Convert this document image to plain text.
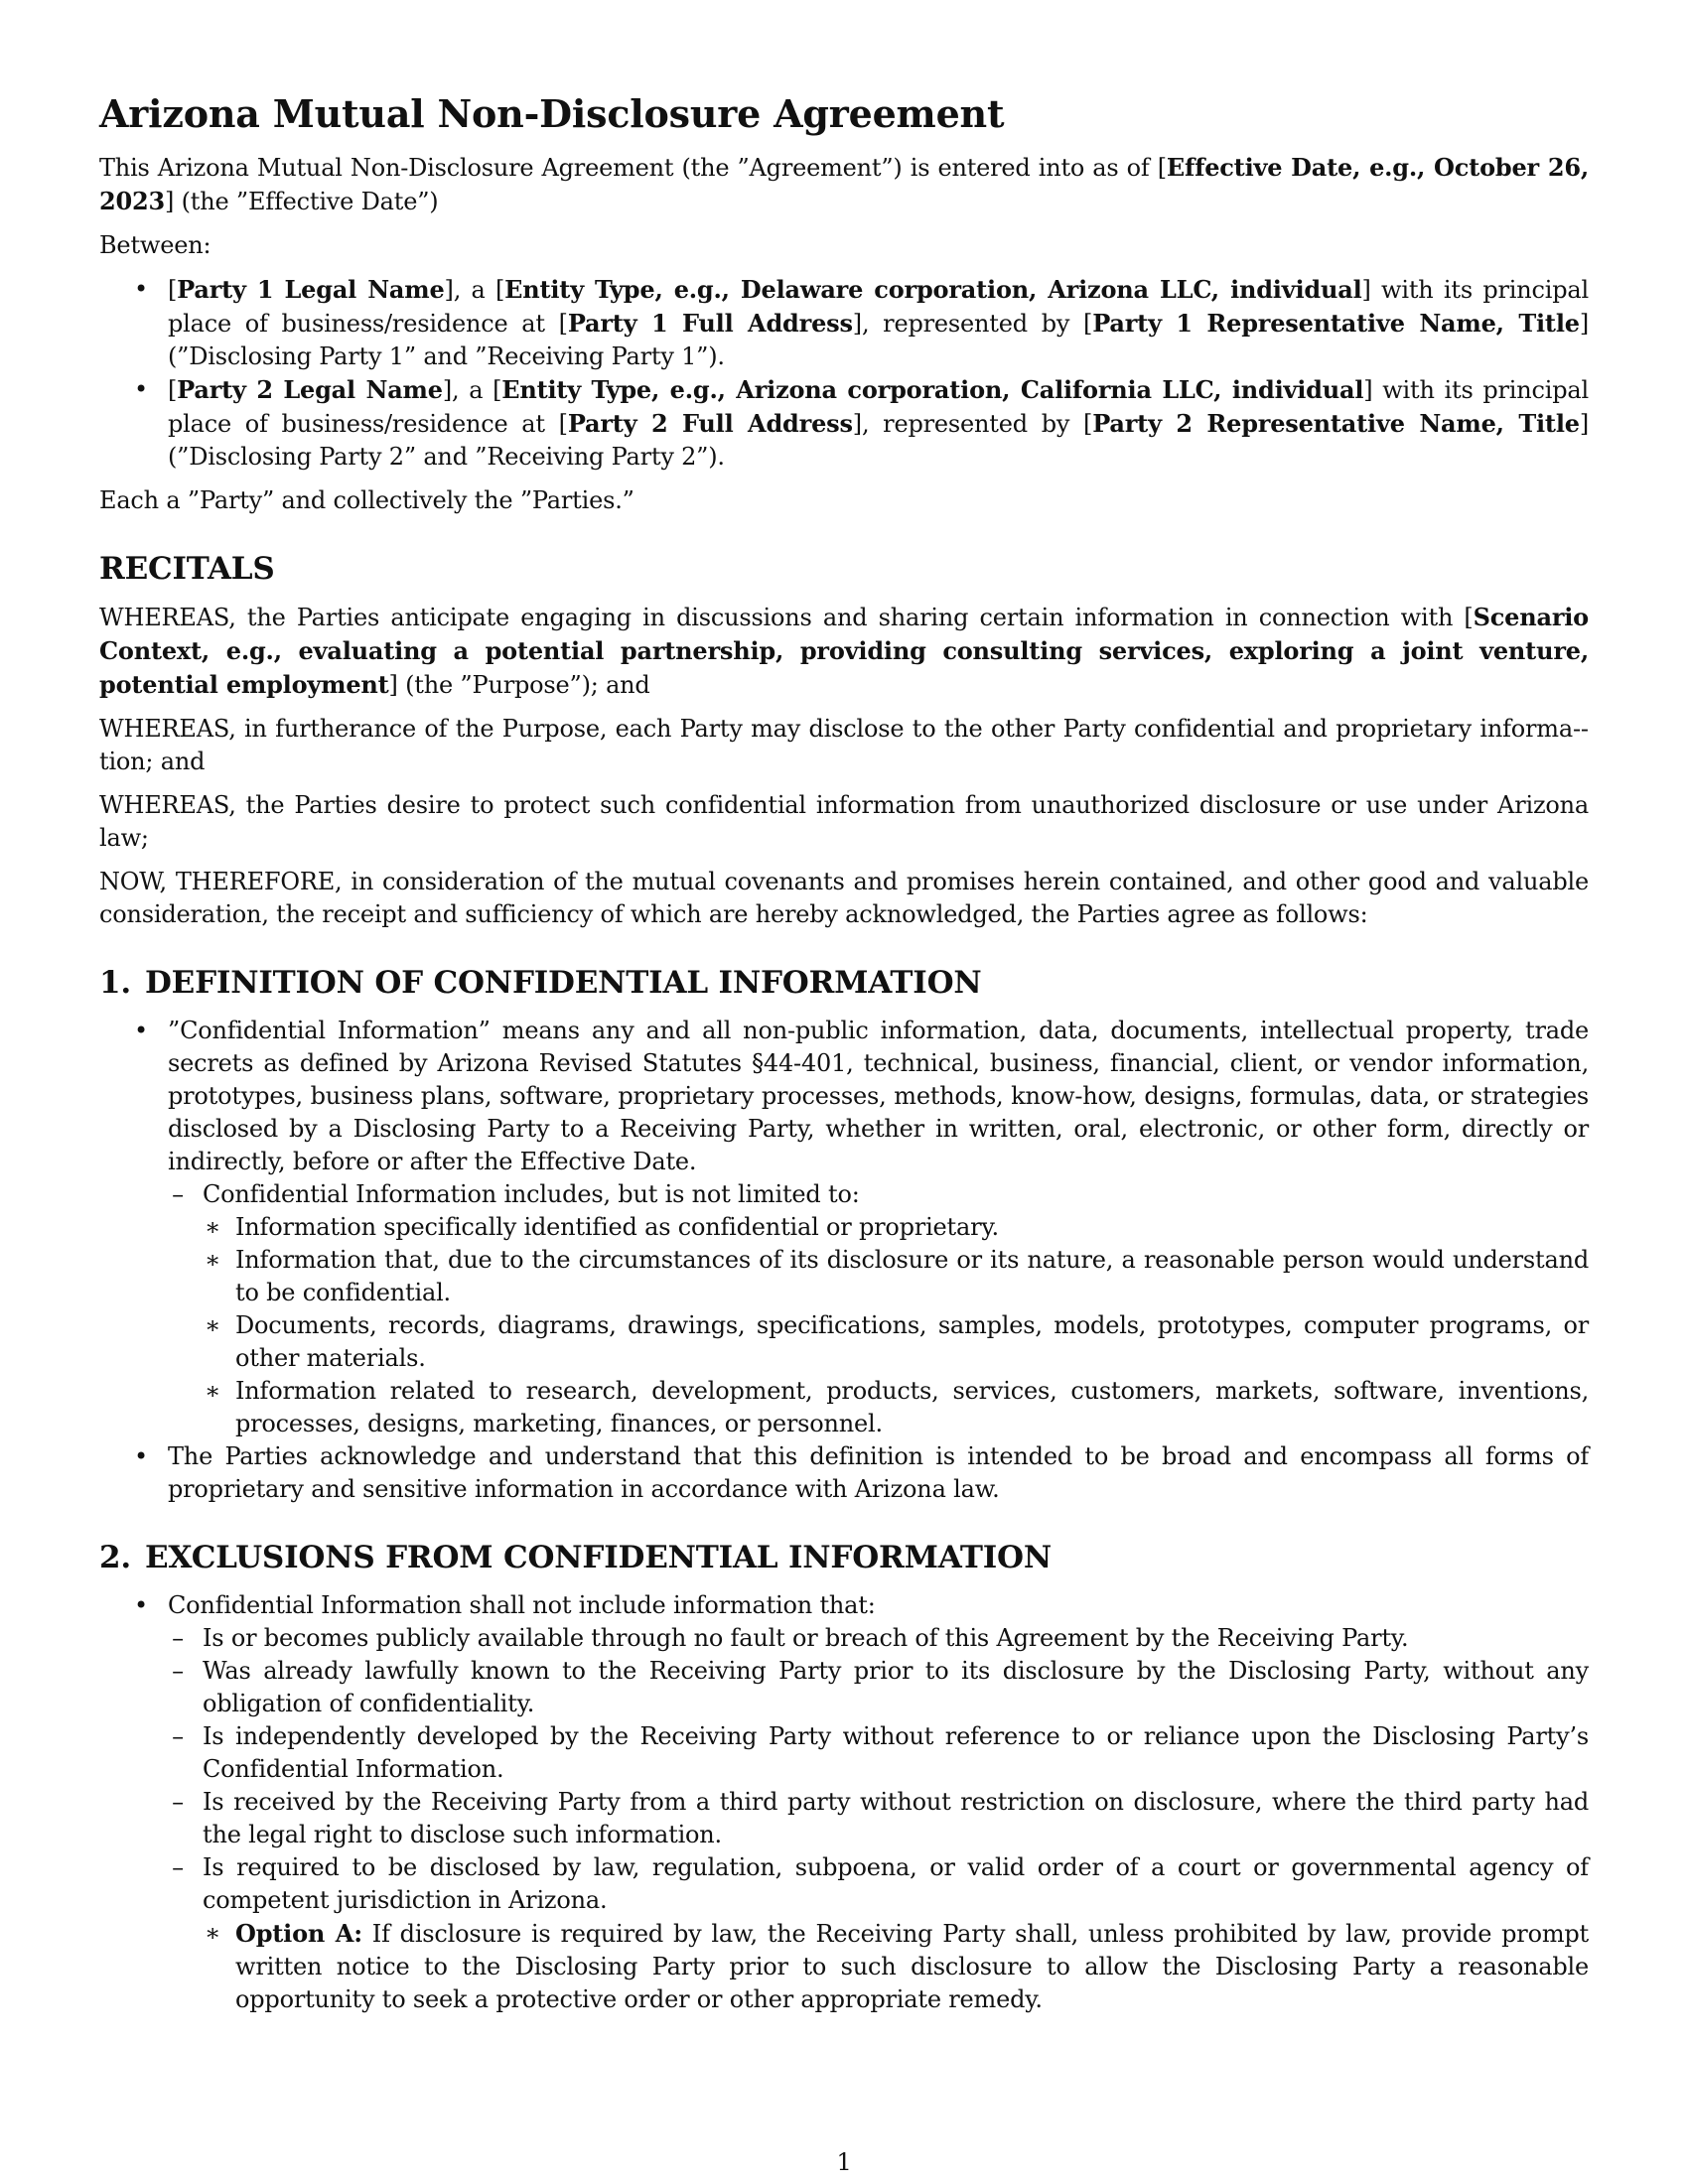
Arizona Mutual Non-Disclosure Agreement

This Arizona Mutual Non-Disclosure Agreement (the ”Agreement”) is entered into as of [Effective Date, e.g., October 26, 2023] (the ”Effective Date”)

Between:

• [Party 1 Legal Name], a [Entity Type, e.g., Delaware corporation, Arizona LLC, individual] with its principal place of business/residence at [Party 1 Full Address], represented by [Party 1 Representative Name, Title] (”Disclosing Party 1” and ”Receiving Party 1”).
• [Party 2 Legal Name], a [Entity Type, e.g., Arizona corporation, California LLC, individual] with its principal place of business/residence at [Party 2 Full Address], represented by [Party 2 Representative Name, Title] (”Disclosing Party 2” and ”Receiving Party 2”).

Each a ”Party” and collectively the ”Parties.”

RECITALS

WHEREAS, the Parties anticipate engaging in discussions and sharing certain information in connection with [Scenario Context, e.g., evaluating a potential partnership, providing consulting services, exploring a joint venture, potential employment] (the ”Purpose”); and

WHEREAS, in furtherance of the Purpose, each Party may disclose to the other Party confidential and proprietary informa-tion; and

WHEREAS, the Parties desire to protect such confidential information from unauthorized disclosure or use under Arizona law;

NOW, THEREFORE, in consideration of the mutual covenants and promises herein contained, and other good and valuable consideration, the receipt and sufficiency of which are hereby acknowledged, the Parties agree as follows:

1. DEFINITION OF CONFIDENTIAL INFORMATION
• ”Confidential Information” means any and all non-public information, data, documents, intellectual property, trade secrets as defined by Arizona Revised Statutes §44-401, technical, business, financial, client, or vendor information, prototypes, business plans, software, proprietary processes, methods, know-how, designs, formulas, data, or strategies disclosed by a Disclosing Party to a Receiving Party, whether in written, oral, electronic, or other form, directly or indirectly, before or after the Effective Date.
– Confidential Information includes, but is not limited to:
∗ Information specifically identified as confidential or proprietary.
∗ Information that, due to the circumstances of its disclosure or its nature, a reasonable person would understand to be confidential.
∗ Documents, records, diagrams, drawings, specifications, samples, models, prototypes, computer programs, or other materials.
∗ Information related to research, development, products, services, customers, markets, software, inventions, processes, designs, marketing, finances, or personnel.
• The Parties acknowledge and understand that this definition is intended to be broad and encompass all forms of proprietary and sensitive information in accordance with Arizona law.
2. EXCLUSIONS FROM CONFIDENTIAL INFORMATION
• Confidential Information shall not include information that:
– Is or becomes publicly available through no fault or breach of this Agreement by the Receiving Party.
– Was already lawfully known to the Receiving Party prior to its disclosure by the Disclosing Party, without any obligation of confidentiality.
– Is independently developed by the Receiving Party without reference to or reliance upon the Disclosing Party’s Confidential Information.
– Is received by the Receiving Party from a third party without restriction on disclosure, where the third party had the legal right to disclose such information.
– Is required to be disclosed by law, regulation, subpoena, or valid order of a court or governmental agency of competent jurisdiction in Arizona.
∗ Option A: If disclosure is required by law, the Receiving Party shall, unless prohibited by law, provide prompt written notice to the Disclosing Party prior to such disclosure to allow the Disclosing Party a reasonable opportunity to seek a protective order or other appropriate remedy.
1
